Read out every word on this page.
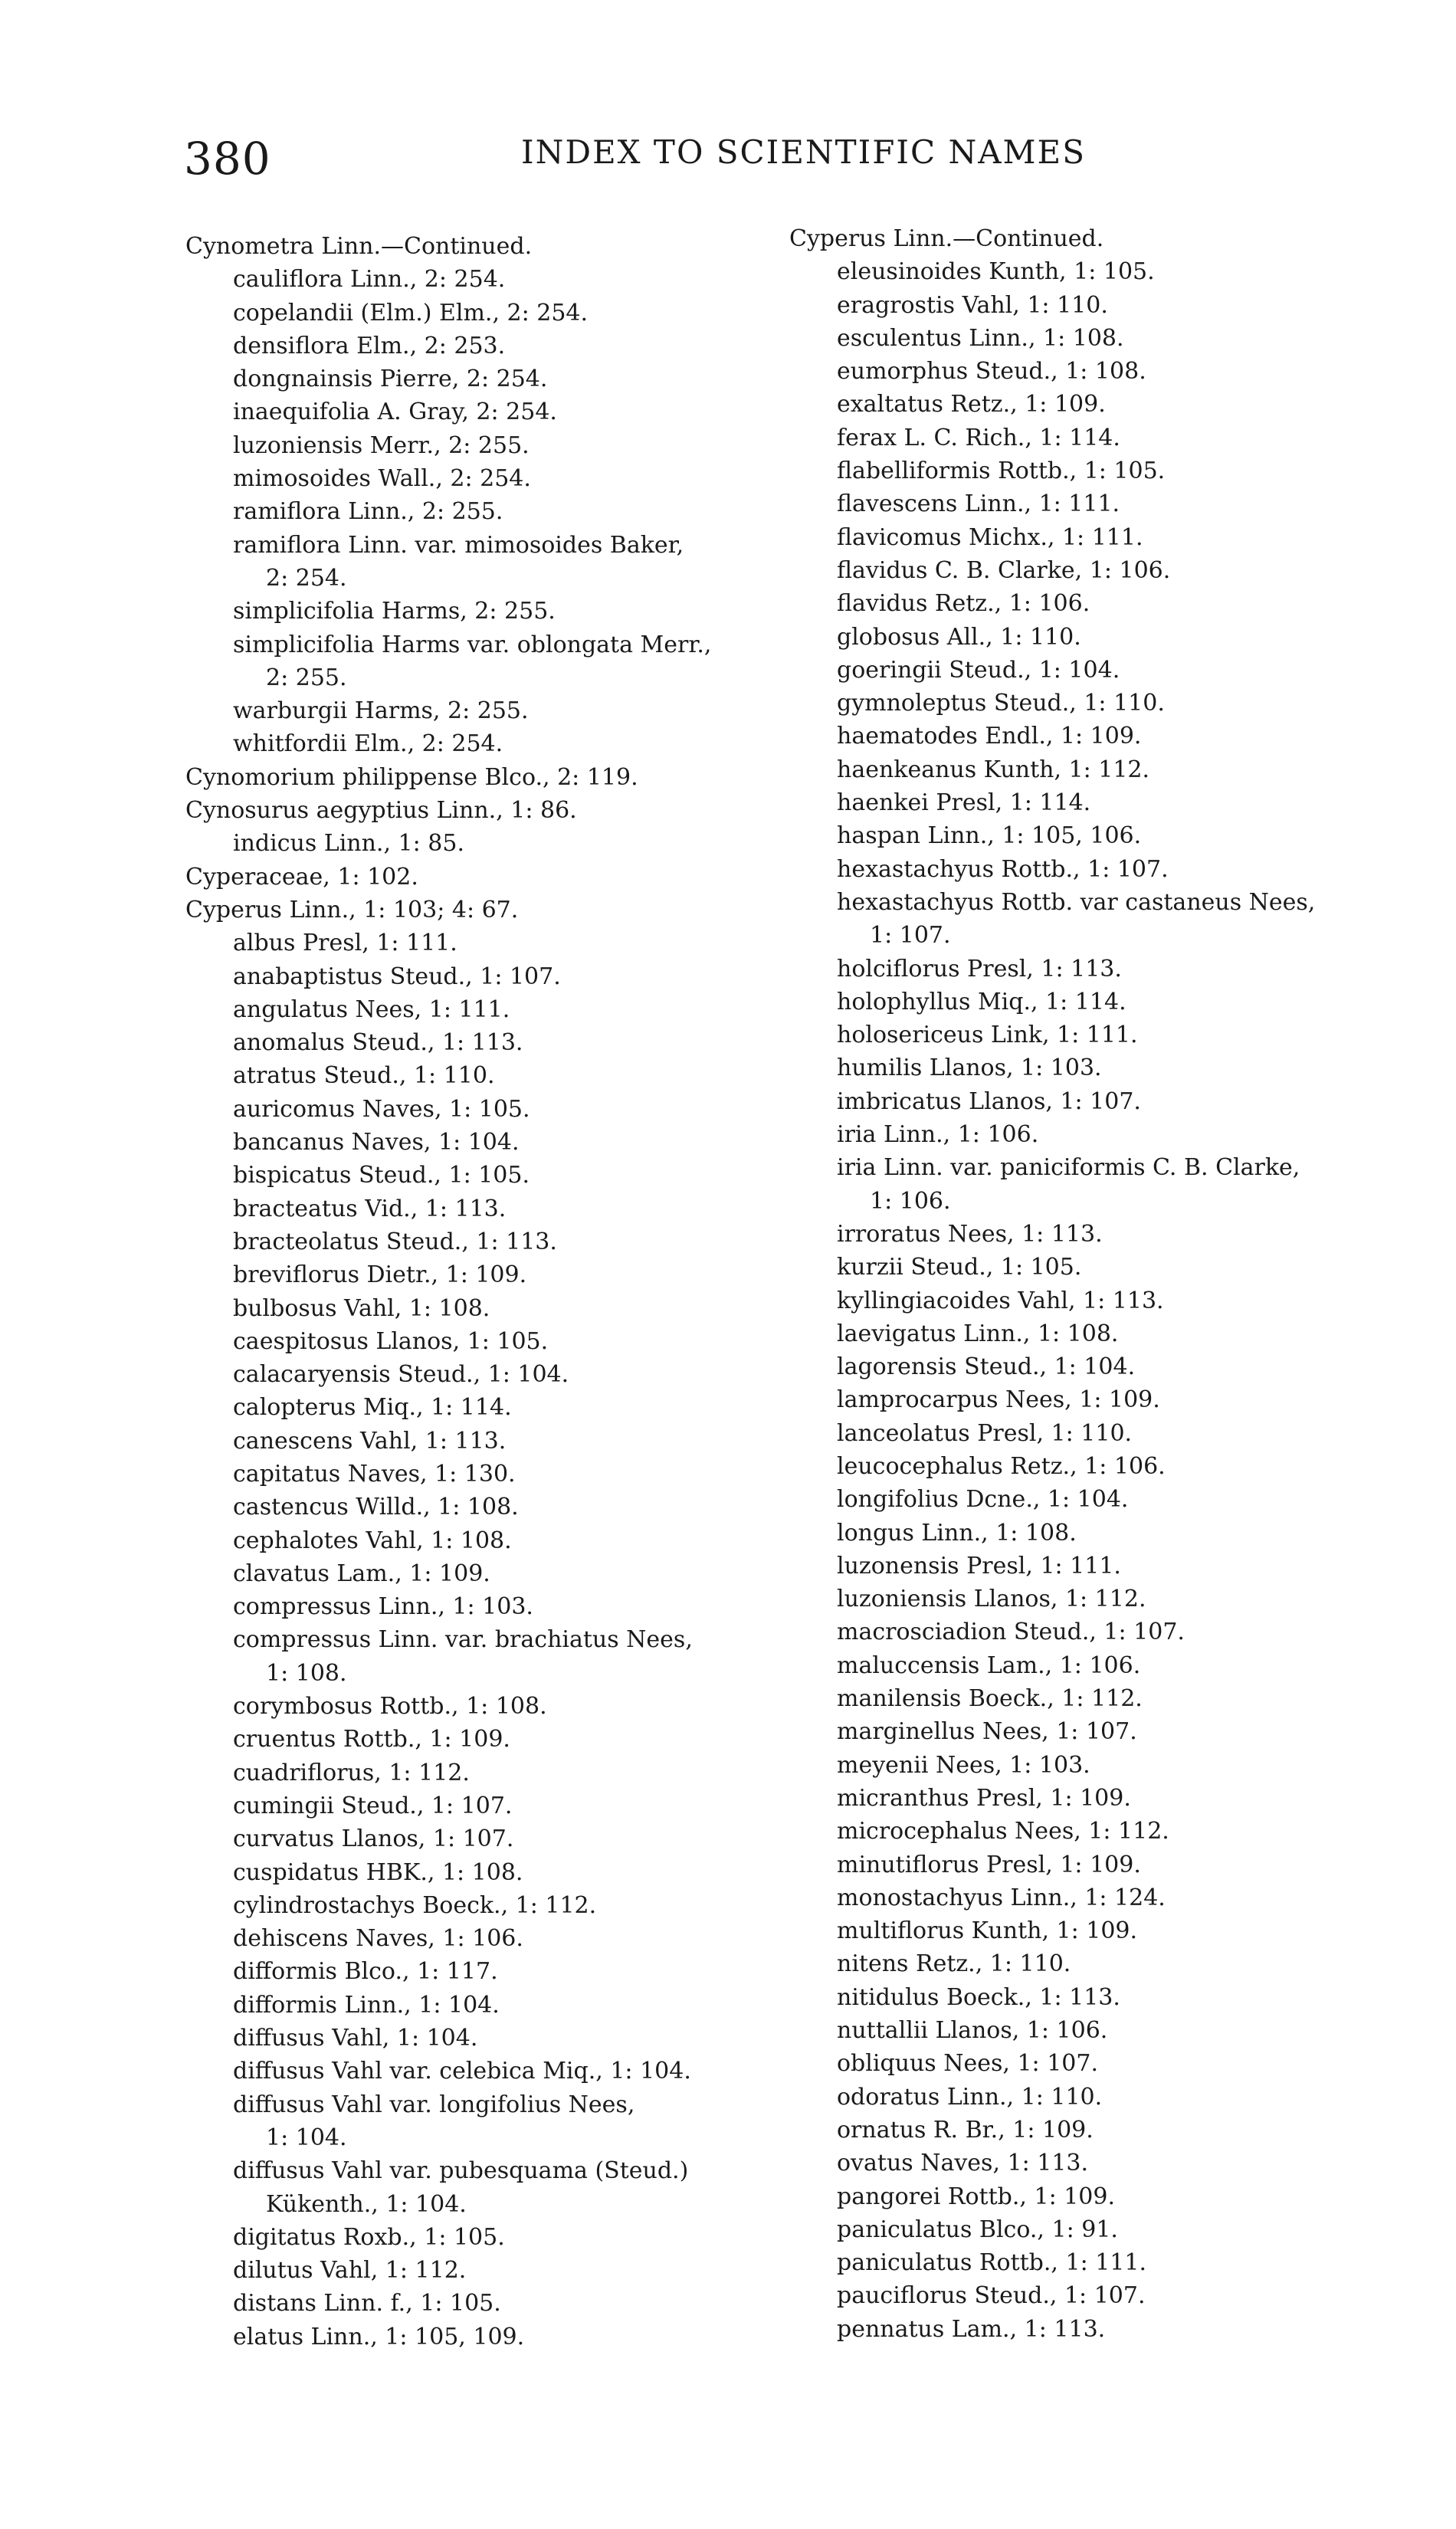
380	INDEX TO SCIENTIFIC NAMES
Cynometra Linn.—Continued.
cauliflora Linn., 2: 254.
copelandii (Elm.) Elm., 2: 254.
densiflora Elm., 2: 253.
dongnainsis Pierre, 2: 254.
inaequifolia A. Gray, 2: 254.
luzoniensis Merr., 2: 255.
mimosoides Wall., 2: 254.
ramiflora Linn., 2: 255.
ramiflora Linn. var. mimosoides Baker,
2: 254.
simplicifolia Harms, 2: 255.
simplicifolia Harms var. oblongata Merr.,
2: 255.
warburgii Harms, 2: 255.
whitfordii Elm., 2: 254.
Cynomorium philippense Blco., 2: 119.
Cynosurus aegyptius Linn., 1: 86.
indicus Linn., 1: 85.
Cyperaceae, 1: 102.
Cyperus Linn., 1: 103; 4: 67.
albus Presl, 1: 111.
anabaptistus Steud., 1: 107.
angulatus Nees, 1: 111.
anomalus Steud., 1: 113.
atratus Steud., 1: 110.
auricomus Naves, 1: 105.
bancanus Naves, 1: 104.
bispicatus Steud., 1: 105.
bracteatus Vid., 1: 113.
bracteolatus Steud., 1: 113.
breviflorus Dietr., 1: 109.
bulbosus Vahl, 1: 108.
caespitosus Llanos, 1: 105.
calacaryensis Steud., 1: 104.
calopterus Miq., 1: 114.
canescens Vahl, 1: 113.
capitatus Naves, 1: 130.
castencus Willd., 1: 108.
cephalotes Vahl, 1: 108.
clavatus Lam., 1: 109.
compressus Linn., 1: 103.
compressus Linn. var. brachiatus Nees,
1: 108.
corymbosus Rottb., 1: 108.
cruentus Rottb., 1: 109.
cuadriflorus, 1: 112.
cumingii Steud., 1: 107.
curvatus Llanos, 1: 107.
cuspidatus HBK., 1: 108.
cylindrostachys Boeck., 1: 112.
dehiscens Naves, 1: 106.
difformis Blco., 1: 117.
difformis Linn., 1: 104.
diffusus Vahl, 1: 104.
diffusus Vahl var. celebica Miq., 1: 104.
diffusus Vahl var. longifolius Nees,
1: 104.
diffusus Vahl var. pubesquama (Steud.)
Kükenth., 1: 104.
digitatus Roxb., 1: 105.
dilutus Vahl, 1: 112.
distans Linn. f., 1: 105.
elatus Linn., 1: 105, 109.
Cyperus Linn.—Continued.
eleusinoides Kunth, 1: 105.
eragrostis Vahl, 1: 110.
esculentus Linn., 1: 108.
eumorphus Steud., 1: 108.
exaltatus Retz., 1: 109.
ferax L. C. Rich., 1: 114.
flabelliformis Rottb., 1: 105.
flavescens Linn., 1: 111.
flavicomus Michx., 1: 111.
flavidus C. B. Clarke, 1: 106.
flavidus Retz., 1: 106.
globosus All., 1: 110.
goeringii Steud., 1: 104.
gymnoleptus Steud., 1: 110.
haematodes Endl., 1: 109.
haenkeanus Kunth, 1: 112.
haenkei Presl, 1: 114.
haspan Linn., 1: 105, 106.
hexastachyus Rottb., 1: 107.
hexastachyus Rottb. var castaneus Nees,
1: 107.
holciflorus Presl, 1: 113.
holophyllus Miq., 1: 114.
holosericeus Link, 1: 111.
humilis Llanos, 1: 103.
imbricatus Llanos, 1: 107.
iria Linn., 1: 106.
iria Linn. var. paniciformis C. B. Clarke,
1: 106.
irroratus Nees, 1: 113.
kurzii Steud., 1: 105.
kyllingiacoides Vahl, 1: 113.
laevigatus Linn., 1: 108.
lagorensis Steud., 1: 104.
lamprocarpus Nees, 1: 109.
lanceolatus Presl, 1: 110.
leucocephalus Retz., 1: 106.
longifolius Dcne., 1: 104.
longus Linn., 1: 108.
luzonensis Presl, 1: 111.
luzoniensis Llanos, 1: 112.
macrosciadion Steud., 1: 107.
maluccensis Lam., 1: 106.
manilensis Boeck., 1: 112.
marginellus Nees, 1: 107.
meyenii Nees, 1: 103.
micranthus Presl, 1: 109.
microcephalus Nees, 1: 112.
minutiflorus Presl, 1: 109.
monostachyus Linn., 1: 124.
multiflorus Kunth, 1: 109.
nitens Retz., 1: 110.
nitidulus Boeck., 1: 113.
nuttallii Llanos, 1: 106.
obliquus Nees, 1: 107.
odoratus Linn., 1: 110.
ornatus R. Br., 1: 109.
ovatus Naves, 1: 113.
pangorei Rottb., 1: 109.
paniculatus Blco., 1: 91.
paniculatus Rottb., 1: 111.
pauciflorus Steud., 1: 107.
pennatus Lam., 1: 113.
